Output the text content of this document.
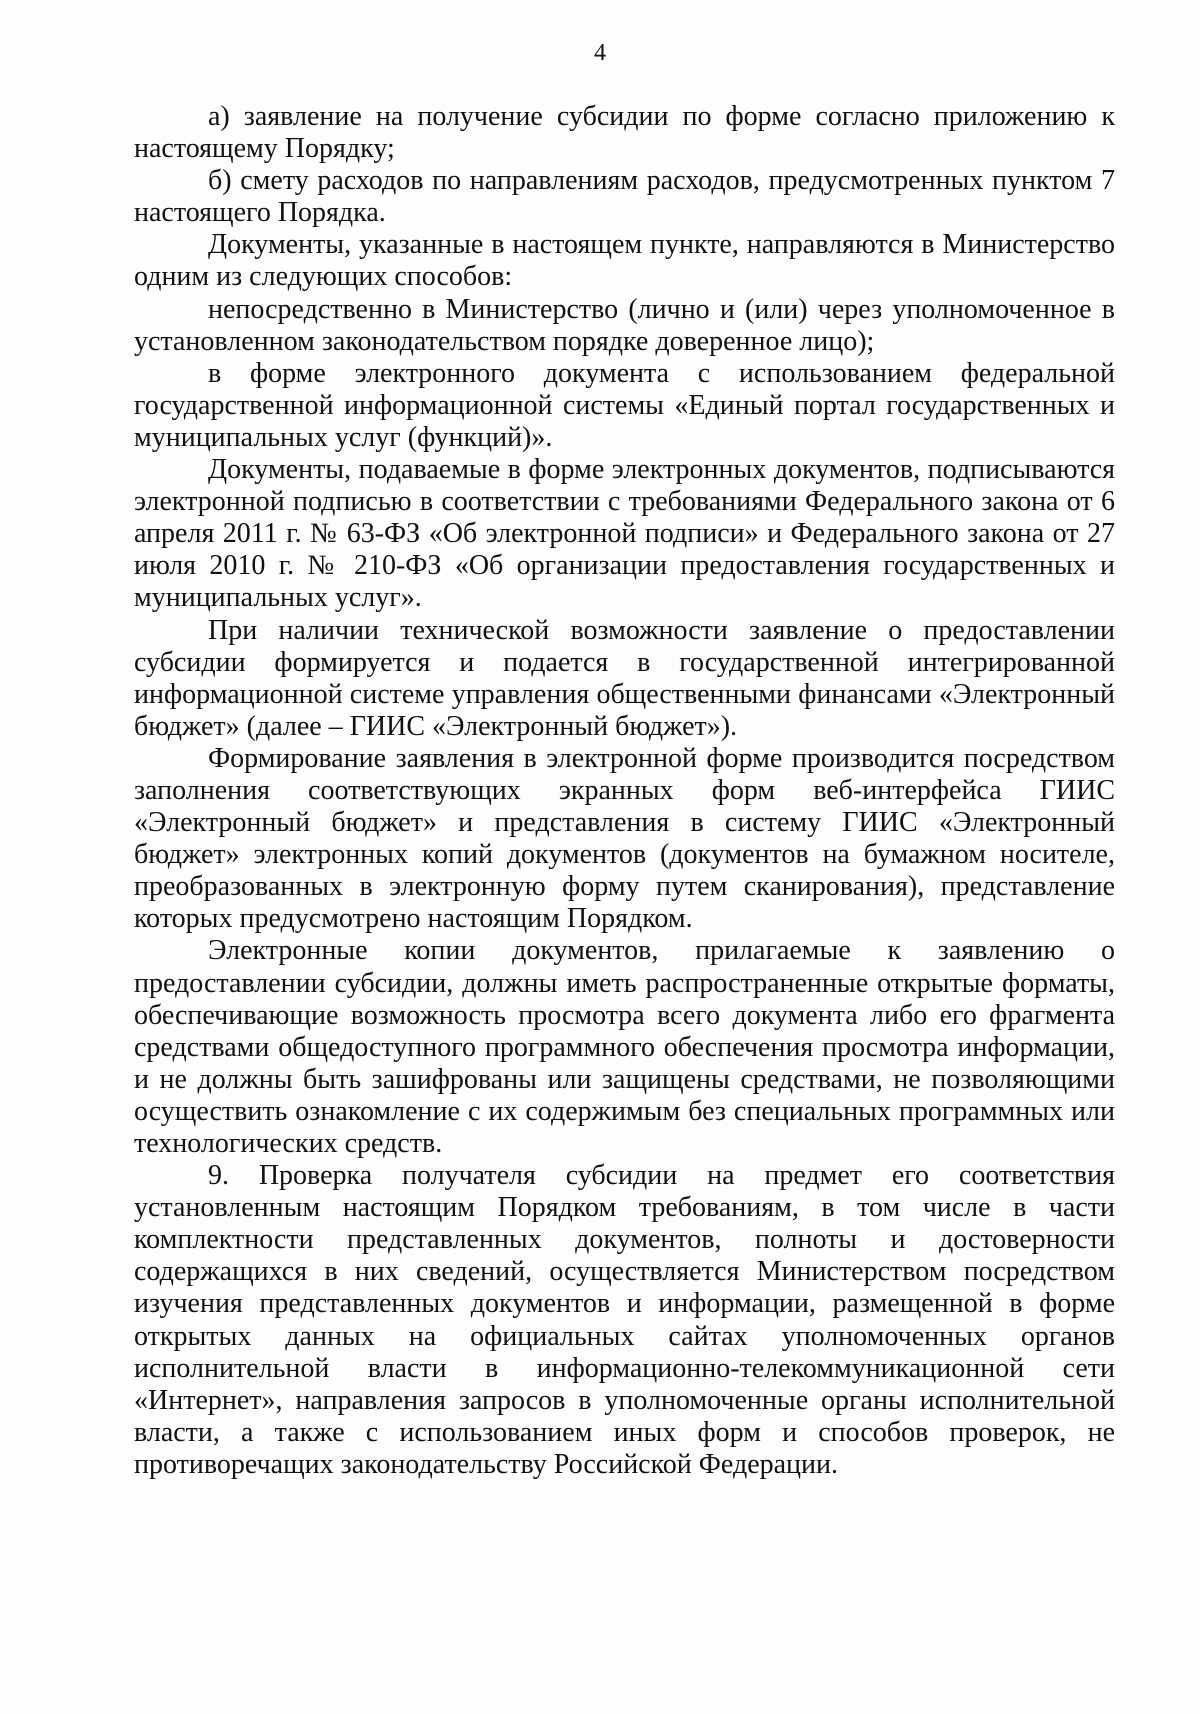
4

а) заявление на получение субсидии по форме согласно приложению к настоящему Порядку;

б) смету расходов по направлениям расходов, предусмотренных пунктом 7 настоящего Порядка.

Документы, указанные в настоящем пункте, направляются в Министерство одним из следующих способов:

непосредственно в Министерство (лично и (или) через уполномоченное в установленном законодательством порядке доверенное лицо);

в форме электронного документа с использованием федеральной государственной информационной системы «Единый портал государственных и муниципальных услуг (функций)».

Документы, подаваемые в форме электронных документов, подписываются электронной подписью в соответствии с требованиями Федерального закона от 6 апреля 2011 г. № 63-ФЗ «Об электронной подписи» и Федерального закона от 27 июля 2010 г. № 210-ФЗ «Об организации предоставления государственных и муниципальных услуг».

При наличии технической возможности заявление о предоставлении субсидии формируется и подается в государственной интегрированной информационной системе управления общественными финансами «Электронный бюджет» (далее – ГИИС «Электронный бюджет»).

Формирование заявления в электронной форме производится посредством заполнения соответствующих экранных форм веб-интерфейса ГИИС «Электронный бюджет» и представления в систему ГИИС «Электронный бюджет» электронных копий документов (документов на бумажном носителе, преобразованных в электронную форму путем сканирования), представление которых предусмотрено настоящим Порядком.

Электронные копии документов, прилагаемые к заявлению о предоставлении субсидии, должны иметь распространенные открытые форматы, обеспечивающие возможность просмотра всего документа либо его фрагмента средствами общедоступного программного обеспечения просмотра информации, и не должны быть зашифрованы или защищены средствами, не позволяющими осуществить ознакомление с их содержимым без специальных программных или технологических средств.

9. Проверка получателя субсидии на предмет его соответствия установленным настоящим Порядком требованиям, в том числе в части комплектности представленных документов, полноты и достоверности содержащихся в них сведений, осуществляется Министерством посредством изучения представленных документов и информации, размещенной в форме открытых данных на официальных сайтах уполномоченных органов исполнительной власти в информационно-телекоммуникационной сети «Интернет», направления запросов в уполномоченные органы исполнительной власти, а также с использованием иных форм и способов проверок, не противоречащих законодательству Российской Федерации.
